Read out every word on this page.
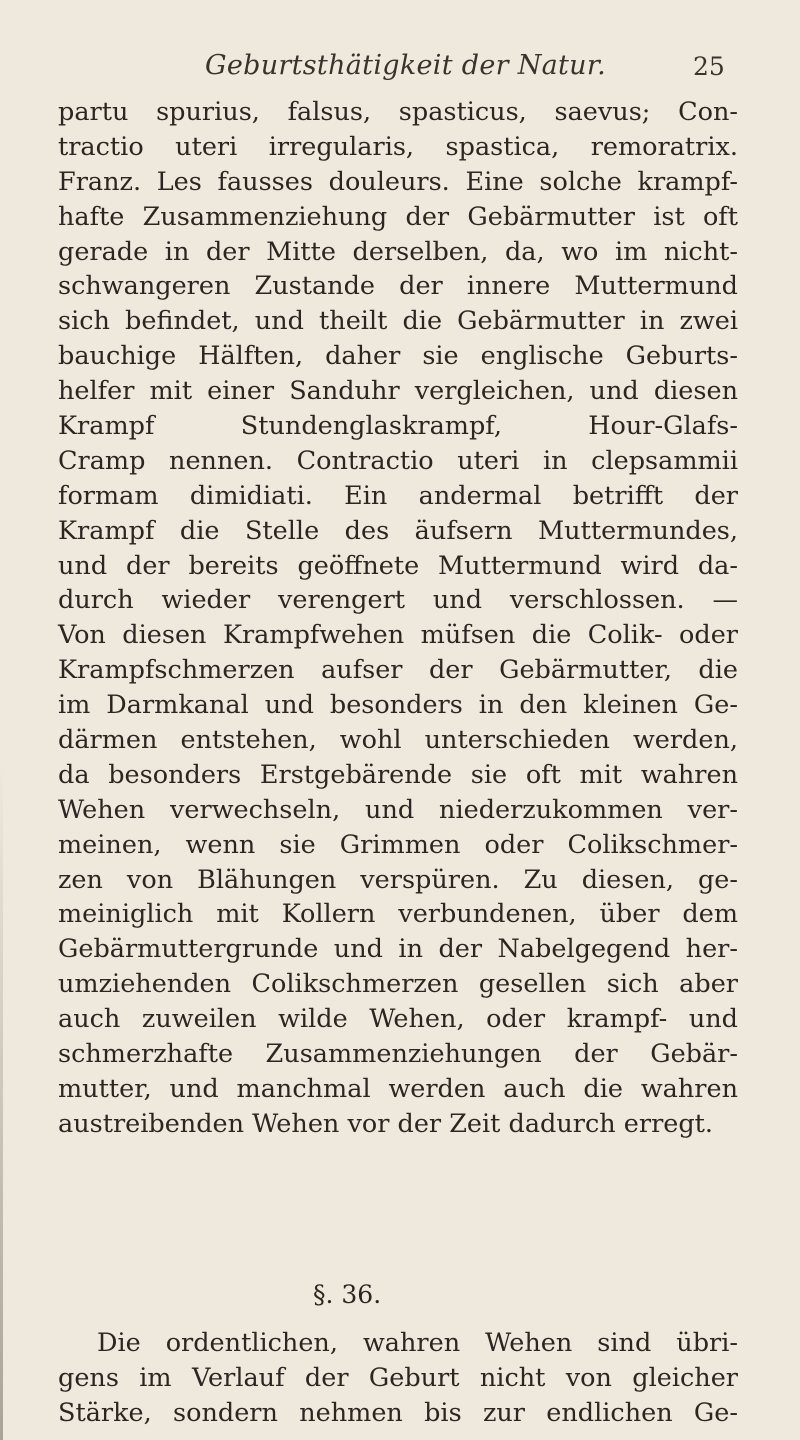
Geburtsthätigkeit der Natur.	25
partu spurius, falsus, spasticus, saevus; Con-
tractio uteri irregularis, spastica, remoratrix.
Franz. Les fausses douleurs. Eine solche krampf-
hafte Zusammenziehung der Gebärmutter ist oft
gerade in der Mitte derselben, da, wo im nicht-
schwangeren Zustande der innere Muttermund
sich befindet, und theilt die Gebärmutter in zwei
bauchige Hälften, daher sie englische Geburts-
helfer mit einer Sanduhr vergleichen, und diesen
Krampf Stundenglaskrampf, Hour-Glafs-
Cramp nennen. Contractio uteri in clepsammii
formam dimidiati. Ein andermal betrifft der
Krampf die Stelle des äufsern Muttermundes,
und der bereits geöffnete Muttermund wird da-
durch wieder verengert und verschlossen. —
Von diesen Krampfwehen müfsen die Colik- oder
Krampfschmerzen aufser der Gebärmutter, die
im Darmkanal und besonders in den kleinen Ge-
därmen entstehen, wohl unterschieden werden,
da besonders Erstgebärende sie oft mit wahren
Wehen verwechseln, und niederzukommen ver-
meinen, wenn sie Grimmen oder Colikschmer-
zen von Blähungen verspüren. Zu diesen, ge-
meiniglich mit Kollern verbundenen, über dem
Gebärmuttergrunde und in der Nabelgegend her-
umziehenden Colikschmerzen gesellen sich aber
auch zuweilen wilde Wehen, oder krampf- und
schmerzhafte Zusammenziehungen der Gebär-
mutter, und manchmal werden auch die wahren
austreibenden Wehen vor der Zeit dadurch erregt.
§. 36.
Die ordentlichen, wahren Wehen sind übri-
gens im Verlauf der Geburt nicht von gleicher
Stärke, sondern nehmen bis zur endlichen Ge-
